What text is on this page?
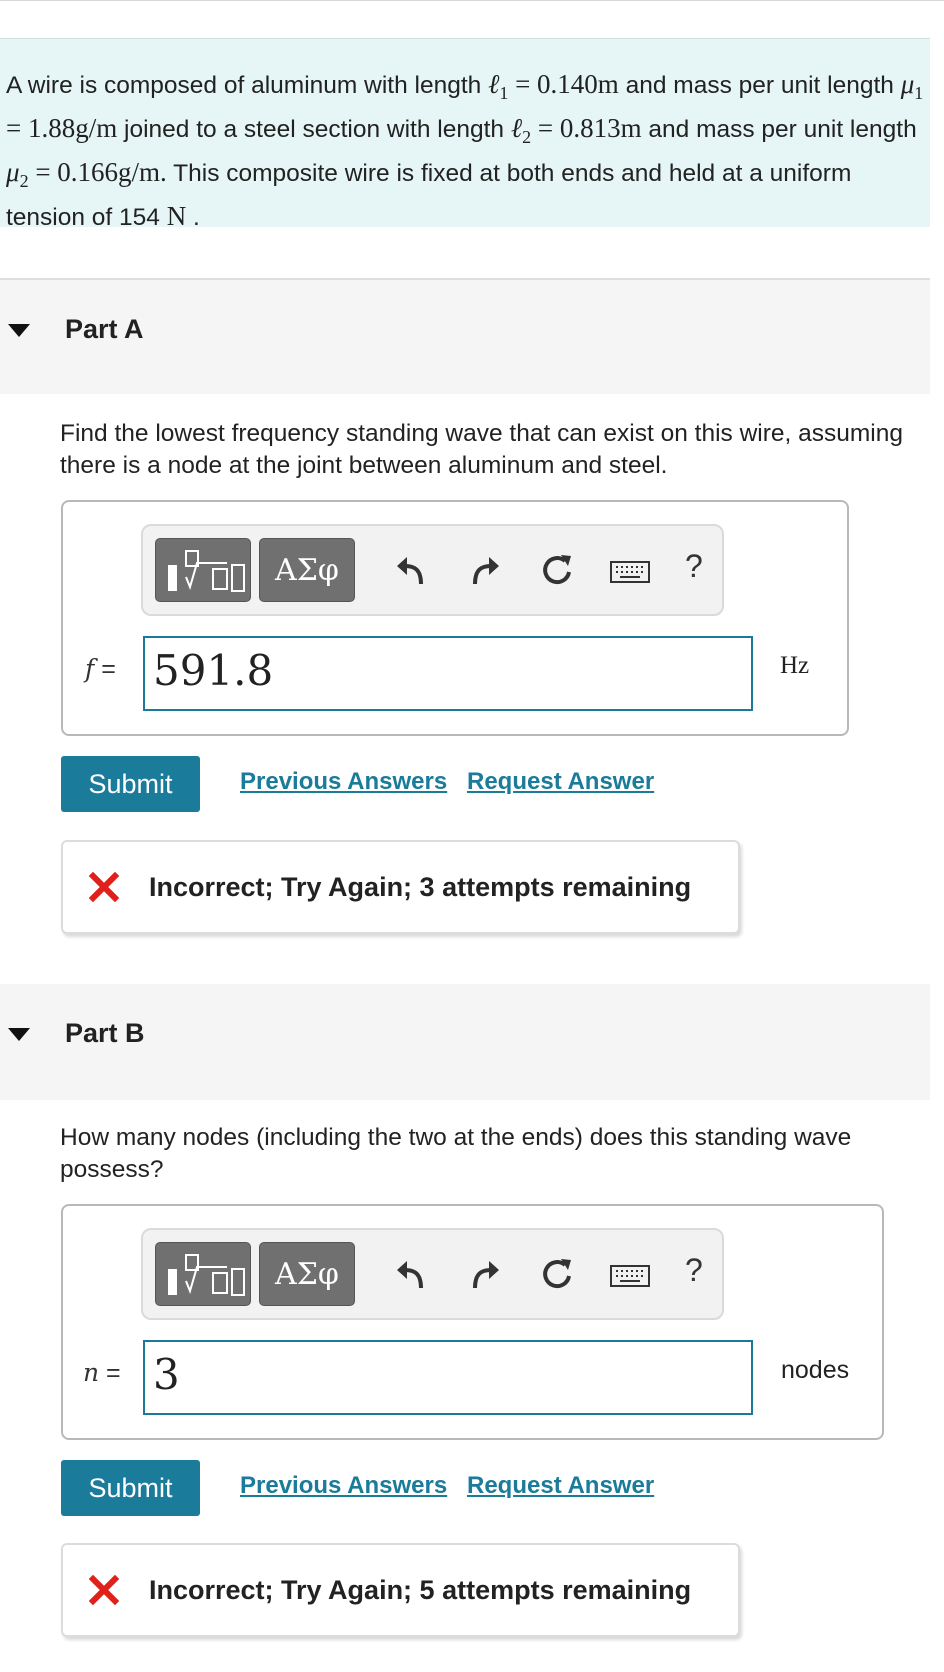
A wire is composed of aluminum with length ℓ$_1$ = 0.140m and mass per unit length $\mu_1 = 1.88g/m$ joined to a steel section with length ℓ$_2$ = 0.813m and mass per unit length $\mu_2 = 0.166g/m$. This composite wire is fixed at both ends and held at a uniform tension of 154 N .
Part A
Find the lowest frequency standing wave that can exist on this wire, assuming there is a node at the joint between aluminum and steel.
ΑΣφ	?
f = 591.8	Hz
Submit	Previous Answers Request Answer
Incorrect; Try Again; 3 attempts remaining
Part B
How many nodes (including the two at the ends) does this standing wave possess?
ΑΣφ	?
n = 3	nodes
Submit	Previous Answers Request Answer
Incorrect; Try Again; 5 attempts remaining
